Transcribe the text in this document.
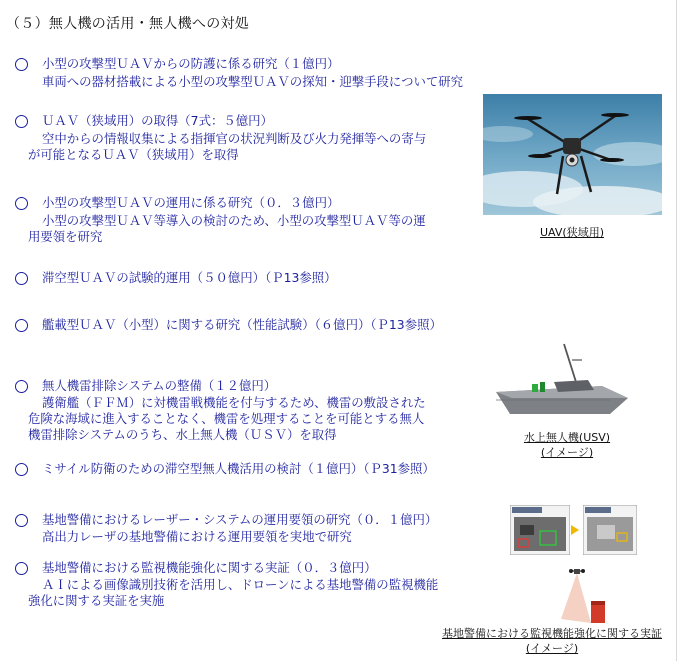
（５）無人機の活用・無人機への対処
小型の攻撃型ＵＡＶからの防護に係る研究（１億円）
車両への器材搭載による小型の攻撃型ＵＡＶの探知・迎撃手段について研究
ＵＡＶ（狭域用）の取得（7式：５億円）
空中からの情報収集による指揮官の状況判断及び火力発揮等への寄与
が可能となるＵＡＶ（狭域用）を取得
小型の攻撃型ＵＡＶの運用に係る研究（０．３億円）
小型の攻撃型ＵＡＶ等導入の検討のため、小型の攻撃型ＵＡＶ等の運
用要領を研究
滞空型ＵＡＶの試験的運用（５０億円）（Ｐ13参照）
艦載型ＵＡＶ（小型）に関する研究（性能試験）（６億円）（Ｐ13参照）
無人機雷排除システムの整備（１２億円）
護衛艦（ＦＦＭ）に対機雷戦機能を付与するため、機雷の敷設された
危険な海域に進入することなく、機雷を処理することを可能とする無人
機雷排除システムのうち、水上無人機（ＵＳＶ）を取得
ミサイル防衛のための滞空型無人機活用の検討（１億円）（Ｐ31参照）
基地警備におけるレーザー・システムの運用要領の研究（０．１億円）
高出力レーザの基地警備における運用要領を実地で研究
基地警備における監視機能強化に関する実証（０．３億円）
ＡＩによる画像識別技術を活用し、ドローンによる基地警備の監視機能
強化に関する実証を実施
UAV(狭域用)
水上無人機(USV)
(イメージ)
基地警備における監視機能強化に関する実証
(イメージ)
